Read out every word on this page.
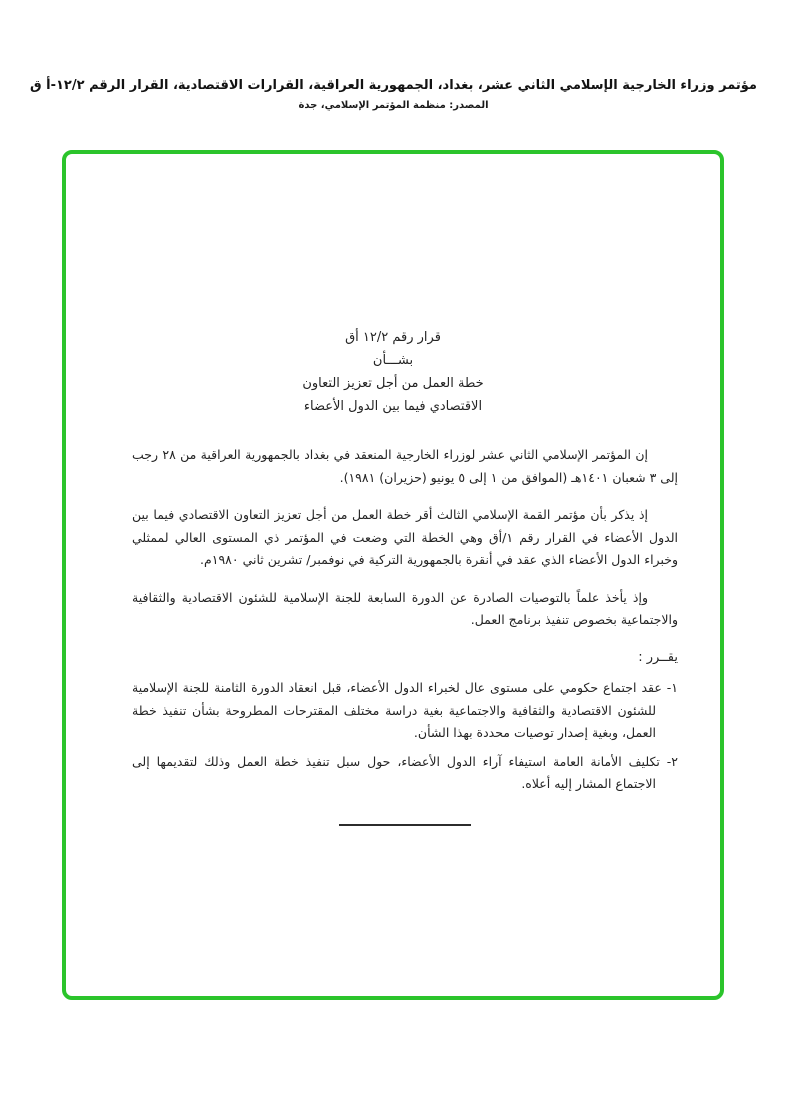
مؤتمر وزراء الخارجية الإسلامي الثاني عشر، بغداد، الجمهورية العراقية، القرارات الاقتصادية، القرار الرقم ١٢/٢-أ ق
المصدر: منظمة المؤتمر الإسلامي، جدة
قرار رقم ١٢/٢ أق
بشـــأن
خطة العمل من أجل تعزيز التعاون
الاقتصادي فيما بين الدول الأعضاء

إن المؤتمر الإسلامي الثاني عشر لوزراء الخارجية المنعقد في بغداد بالجمهورية العراقية من ٢٨ رجب إلى ٣ شعبان ١٤٠١هـ (الموافق من ١ إلى ٥ يونيو (حزيران) ١٩٨١).

إذ يذكر بأن مؤتمر القمة الإسلامي الثالث أقر خطة العمل من أجل تعزيز التعاون الاقتصادي فيما بين الدول الأعضاء في القرار رقم ١/أق وهي الخطة التي وضعت في المؤتمر ذي المستوى العالي لممثلي وخبراء الدول الأعضاء الذي عقد في أنقرة بالجمهورية التركية في نوفمبر/ تشرين ثاني ١٩٨٠م.

وإذ يأخذ علماً بالتوصيات الصادرة عن الدورة السابعة للجنة الإسلامية للشئون الاقتصادية والثقافية والاجتماعية بخصوص تنفيذ برنامج العمل.

يقــرر :
١- عقد اجتماع حكومي على مستوى عال لخبراء الدول الأعضاء، قبل انعقاد الدورة الثامنة للجنة الإسلامية للشئون الاقتصادية والثقافية والاجتماعية بغية دراسة مختلف المقترحات المطروحة بشأن تنفيذ خطة العمل، وبغية إصدار توصيات محددة بهذا الشأن.
٢- تكليف الأمانة العامة استيفاء آراء الدول الأعضاء، حول سبل تنفيذ خطة العمل وذلك لتقديمها إلى الاجتماع المشار إليه أعلاه.
